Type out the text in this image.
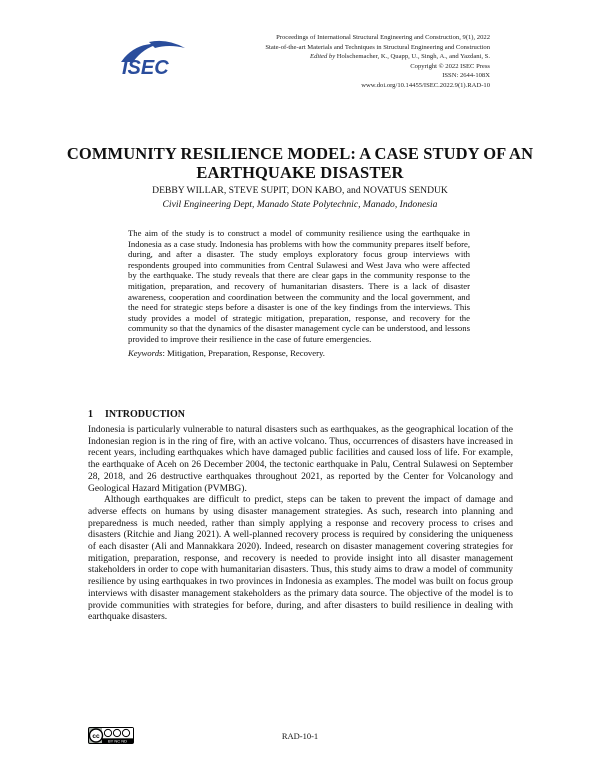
ISEC
Proceedings of International Structural Engineering and Construction, 9(1), 2022
State-of-the-art Materials and Techniques in Structural Engineering and Construction
Edited by Holschemacher, K., Quapp, U., Singh, A., and Yazdani, S.
Copyright © 2022 ISEC Press
ISSN: 2644-108X
www.doi.org/10.14455/ISEC.2022.9(1).RAD-10
COMMUNITY RESILIENCE MODEL: A CASE STUDY OF AN EARTHQUAKE DISASTER
DEBBY WILLAR, STEVE SUPIT, DON KABO, and NOVATUS SENDUK
Civil Engineering Dept, Manado State Polytechnic, Manado, Indonesia
The aim of the study is to construct a model of community resilience using the earthquake in Indonesia as a case study. Indonesia has problems with how the community prepares itself before, during, and after a disaster. The study employs exploratory focus group interviews with respondents grouped into communities from Central Sulawesi and West Java who were affected by the earthquake. The study reveals that there are clear gaps in the community response to the mitigation, preparation, and recovery of humanitarian disasters. There is a lack of disaster awareness, cooperation and coordination between the community and the local government, and the need for strategic steps before a disaster is one of the key findings from the interviews. This study provides a model of strategic mitigation, preparation, response, and recovery for the community so that the dynamics of the disaster management cycle can be understood, and lessons provided to improve their resilience in the case of future emergencies.
Keywords: Mitigation, Preparation, Response, Recovery.
1 INTRODUCTION

Indonesia is particularly vulnerable to natural disasters such as earthquakes, as the geographical location of the Indonesian region is in the ring of fire, with an active volcano. Thus, occurrences of disasters have increased in recent years, including earthquakes which have damaged public facilities and caused loss of life. For example, the earthquake of Aceh on 26 December 2004, the tectonic earthquake in Palu, Central Sulawesi on September 28, 2018, and 26 destructive earthquakes throughout 2021, as reported by the Center for Volcanology and Geological Hazard Mitigation (PVMBG).

Although earthquakes are difficult to predict, steps can be taken to prevent the impact of damage and adverse effects on humans by using disaster management strategies. As such, research into planning and preparedness is much needed, rather than simply applying a response and recovery process to crises and disasters (Ritchie and Jiang 2021). A well-planned recovery process is required by considering the uniqueness of each disaster (Ali and Mannakkara 2020). Indeed, research on disaster management covering strategies for mitigation, preparation, response, and recovery is needed to provide insight into all disaster management stakeholders in order to cope with humanitarian disasters. Thus, this study aims to draw a model of community resilience by using earthquakes in two provinces in Indonesia as examples. The model was built on focus group interviews with disaster management stakeholders as the primary data source. The objective of the model is to provide communities with strategies for before, during, and after disasters to build resilience in dealing with earthquake disasters.

cc
BY NC ND
RAD-10-1
